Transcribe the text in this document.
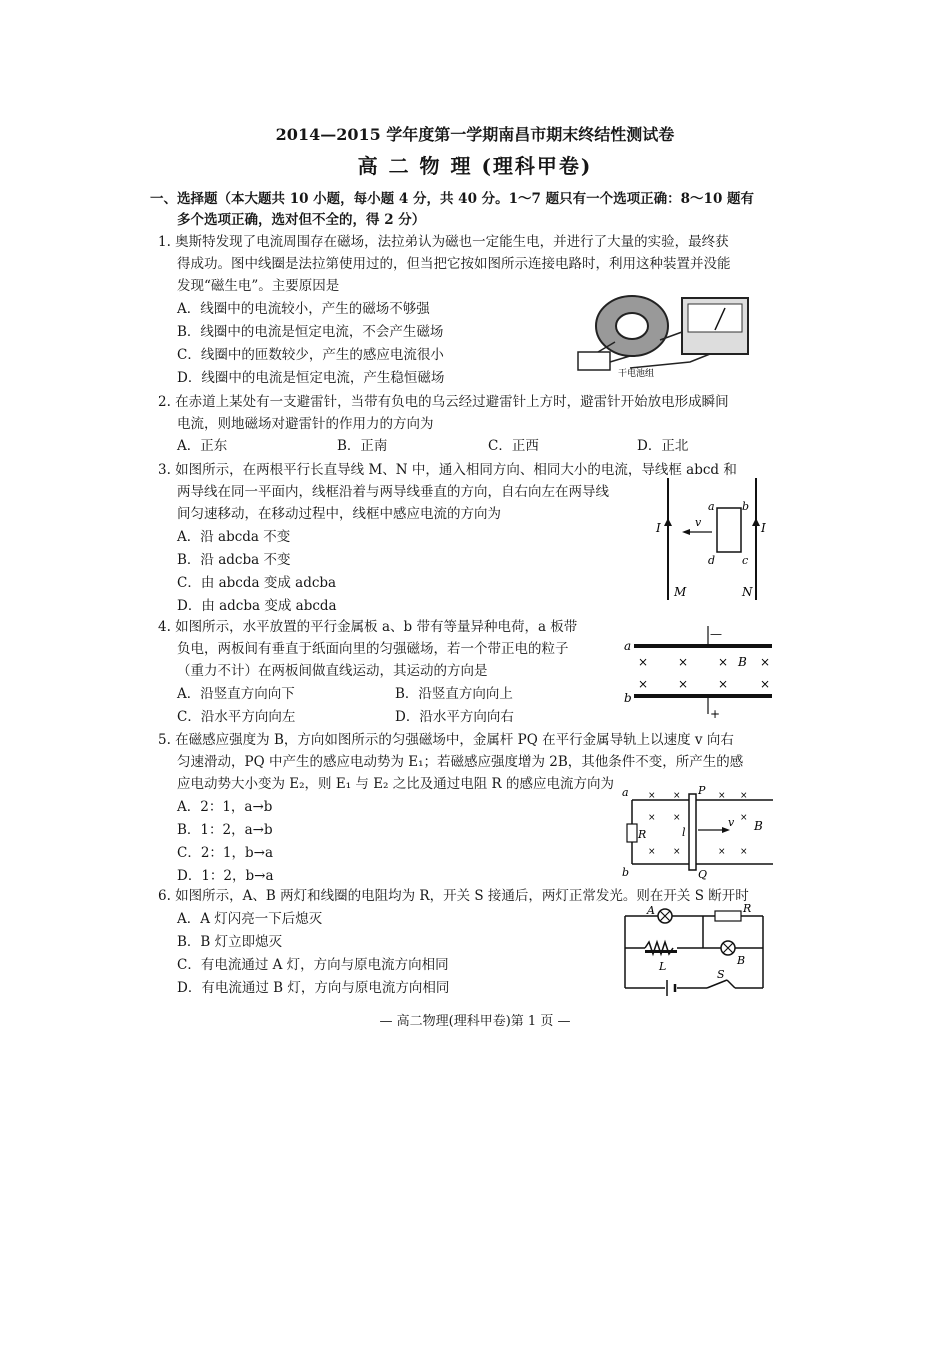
2014—2015 学年度第一学期南昌市期末终结性测试卷
高 二 物 理 (理科甲卷)
一、选择题（本大题共 10 小题，每小题 4 分，共 40 分。1～7 题只有一个选项正确：8～10 题有
多个选项正确，选对但不全的，得 2 分）
1. 奥斯特发现了电流周围存在磁场，法拉弟认为磁也一定能生电，并进行了大量的实验，最终获
得成功。图中线圈是法拉第使用过的，但当把它按如图所示连接电路时，利用这种装置并没能
发现“磁生电”。主要原因是
A．线圈中的电流较小，产生的磁场不够强
B．线圈中的电流是恒定电流，不会产生磁场
C．线圈中的匝数较少，产生的感应电流很小
D．线圈中的电流是恒定电流，产生稳恒磁场	干电池组
2. 在赤道上某处有一支避雷针，当带有负电的乌云经过避雷针上方时，避雷针开始放电形成瞬间
电流，则地磁场对避雷针的作用力的方向为
A．正东	B．正南	C．正西	D．正北
3. 如图所示，在两根平行长直导线 M、N 中，通入相同方向、相同大小的电流，导线框 abcd 和
两导线在同一平面内，线框沿着与两导线垂直的方向，自右向左在两导线
间匀速移动，在移动过程中，线框中感应电流的方向为
A．沿 abcda 不变
B．沿 adcba 不变
C．由 abcda 变成 adcba
D．由 adcba 变成 abcda
I	I
v
a b
c
d
M	N
4. 如图所示，水平放置的平行金属板 a、b 带有等量异种电荷，a 板带
负电，两板间有垂直于纸面向里的匀强磁场，若一个带正电的粒子
（重力不计）在两板间做直线运动，其运动的方向是
A．沿竖直方向向下	B．沿竖直方向向上
C．沿水平方向向左	D．沿水平方向向右
—
+
a
b
B
× × ×	×
× × ×	×
5. 在磁感应强度为 B，方向如图所示的匀强磁场中，金属杆 PQ 在平行金属导轨上以速度 v 向右
匀速滑动，PQ 中产生的感应电动势为 E₁；若磁感应强度增为 2B，其他条件不变，所产生的感
应电动势大小变为 E₂，则 E₁ 与 E₂ 之比及通过电阻 R 的感应电流方向为
A．2：1，a→b
B．1：2，a→b
C．2：1，b→a
D．1：2，b→a
a
b
R
P
Q
l
v B
× ×	× ×
× ×	×
× ×	× ×
6. 如图所示，A、B 两灯和线圈的电阻均为 R，开关 S 接通后，两灯正常发光。则在开关 S 断开时
A．A 灯闪亮一下后熄灭
B．B 灯立即熄灭
C．有电流通过 A 灯，方向与原电流方向相同
D．有电流通过 B 灯，方向与原电流方向相同
A
B
R
L
S
— 高二物理(理科甲卷)第 1 页 —
